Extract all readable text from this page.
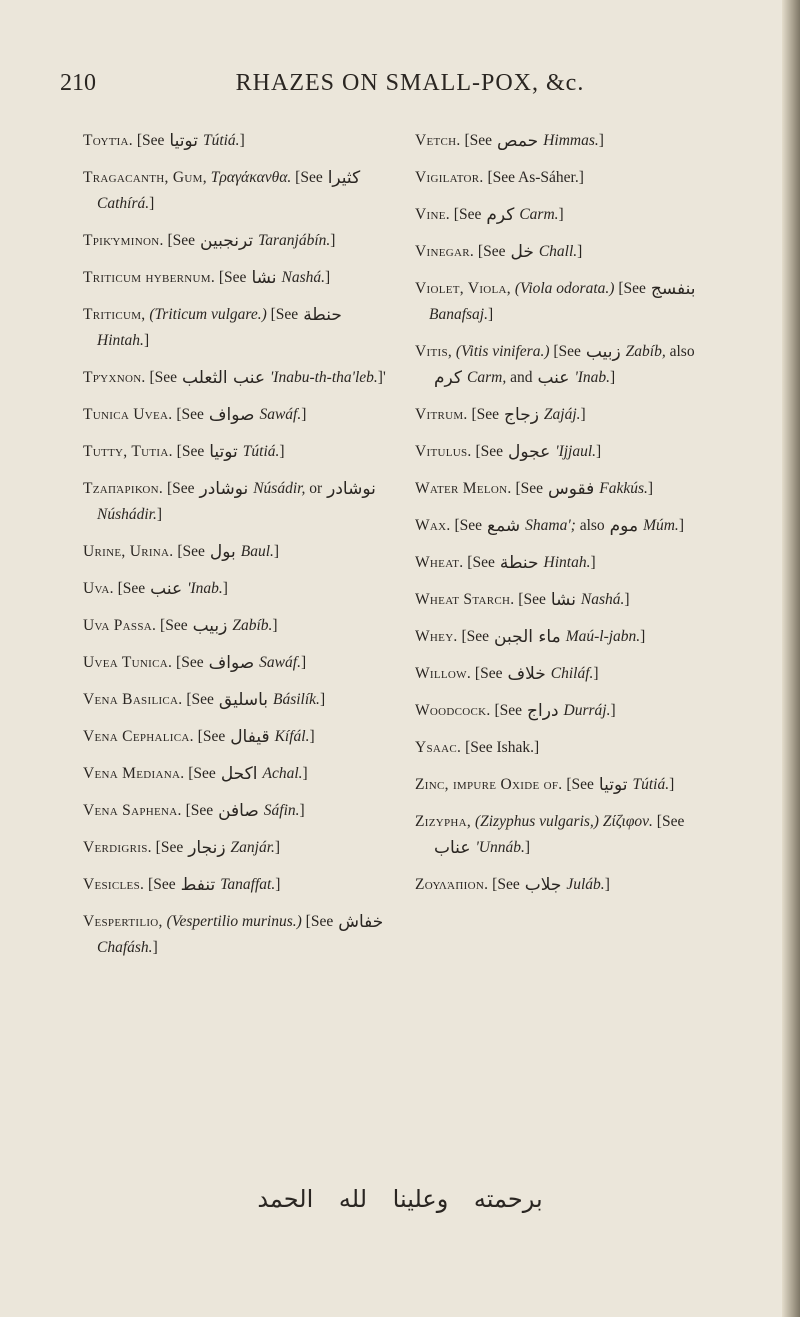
210	RHAZES ON SMALL-POX, &c.
Τουτία. [See توتيا Tútiá.]
Tragacanth, Gum, Τραγάκανθα. [See كثيراCathírá.]
Τρικύμινον. [See ترنجبين Taranjábín.]
Triticum hybernum. [See نشا Nashá.]
Triticum, (Triticum vulgare.) [See حنطةHintah.]
Τρύχνον. [See عنب الثعلب 'Inabu-th-tha'leb.]'
Tunica Uvea. [See صواف Sawáf.]
Tutty, Tutia. [See توتيا Tútiá.]
Τζαπάρικον. [See نوشادر Núsádir, or نوشادرNúshádir.]
Urine, Urina. [See بول Baul.]
Uva. [See عنب 'Inab.]
Uva Passa. [See زبيب Zabíb.]
Uvea Tunica. [See صواف Sawáf.]
Vena Basilica. [See باسليق Básilík.]
Vena Cephalica. [See قيفال Kífál.]
Vena Mediana. [See اكحل Achal.]
Vena Saphena. [See صافن Sáfin.]
Verdigris. [See زنجار Zanjár.]
Vesicles. [See تنفط Tanaffat.]
Vespertilio, (Vespertilio murinus.) [See خفاشChafásh.]
Vetch. [See حمص Himmas.]
Vigilator. [See As-Sáher.]
Vine. [See كرم Carm.]
Vinegar. [See خل Chall.]
Violet, Viola, (Viola odorata.) [See بنفسجBanafsaj.]
Vitis, (Vitis vinifera.) [See زبيب Zabíb, alsoكرم Carm, and عنب 'Inab.]
Vitrum. [See زجاج Zajáj.]
Vitulus. [See عجول 'Ijjaul.]
Water Melon. [See فقوس Fakkús.]
Wax. [See شمع Shama'; also موم Múm.]
Wheat. [See حنطة Hintah.]
Wheat Starch. [See نشا Nashá.]
Whey. [See ماء الجبن Maú-l-jabn.]
Willow. [See خلاف Chiláf.]
Woodcock. [See دراج Durráj.]
Ysaac. [See Ishak.]
Zinc, impure Oxide of. [See توتيا Tútiá.]
Zizypha, (Zizyphus vulgaris,) Ζίζιφον. [Seeعناب 'Unnáb.]
Ζουλάπιον. [See جلاب Juláb.]
برحمته وعلينا لله الحمد
